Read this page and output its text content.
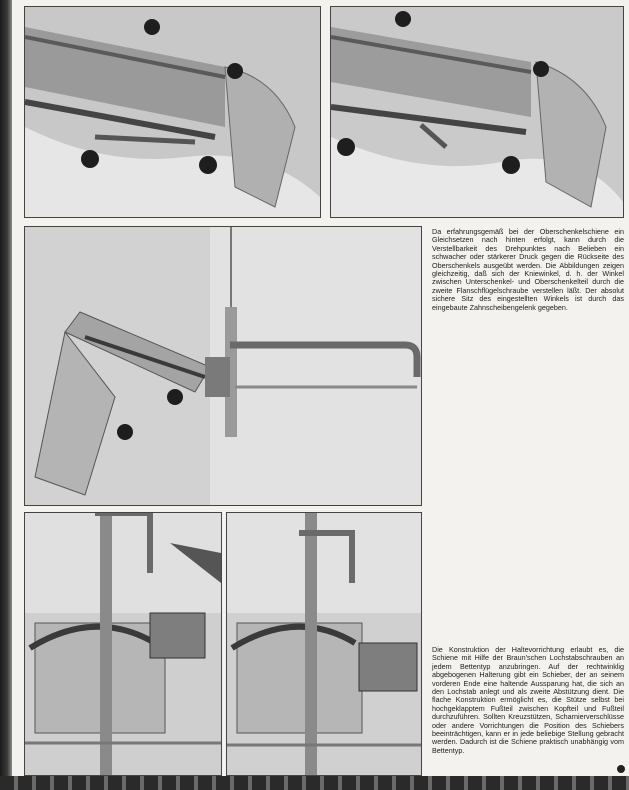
Da erfahrungsgemäß bei der Oberschenkelschiene ein Gleichsetzen nach hinten erfolgt, kann durch die Verstellbarkeit des Drehpunktes nach Belieben ein schwacher oder stärkerer Druck gegen die Rückseite des Oberschenkels ausgeübt werden. Die Abbildungen zeigen gleichzeitig, daß sich der Kniewinkel, d. h. der Winkel zwischen Unterschenkel- und Oberschenkelteil durch die zweite Flanschflügelschraube verstellen läßt. Der absolut sichere Sitz des eingestellten Winkels ist durch das eingebaute Zahnscheibengelenk gegeben.

Die Konstruktion der Haltevorrichtung erlaubt es, die Schiene mit Hilfe der Braun'schen Lochstabschrauben an jedem Bettentyp anzubringen. Auf der rechtwinklig abgebogenen Halterung gibt ein Schieber, der an seinem vorderen Ende eine haltende Aussparung hat, die sich an den Lochstab anlegt und als zweite Abstützung dient. Die flache Konstruktion ermöglicht es, die Stütze selbst bei hochgeklapptem Fußteil zwischen Kopfteil und Fußteil durchzuführen. Sollten Kreuzstützen, Scharnierverschlüsse oder andere Vorrichtungen die Position des Schiebers beeinträchtigen, kann er in jede beliebige Stellung gebracht werden. Dadurch ist die Schiene praktisch unabhängig vom Bettentyp.
